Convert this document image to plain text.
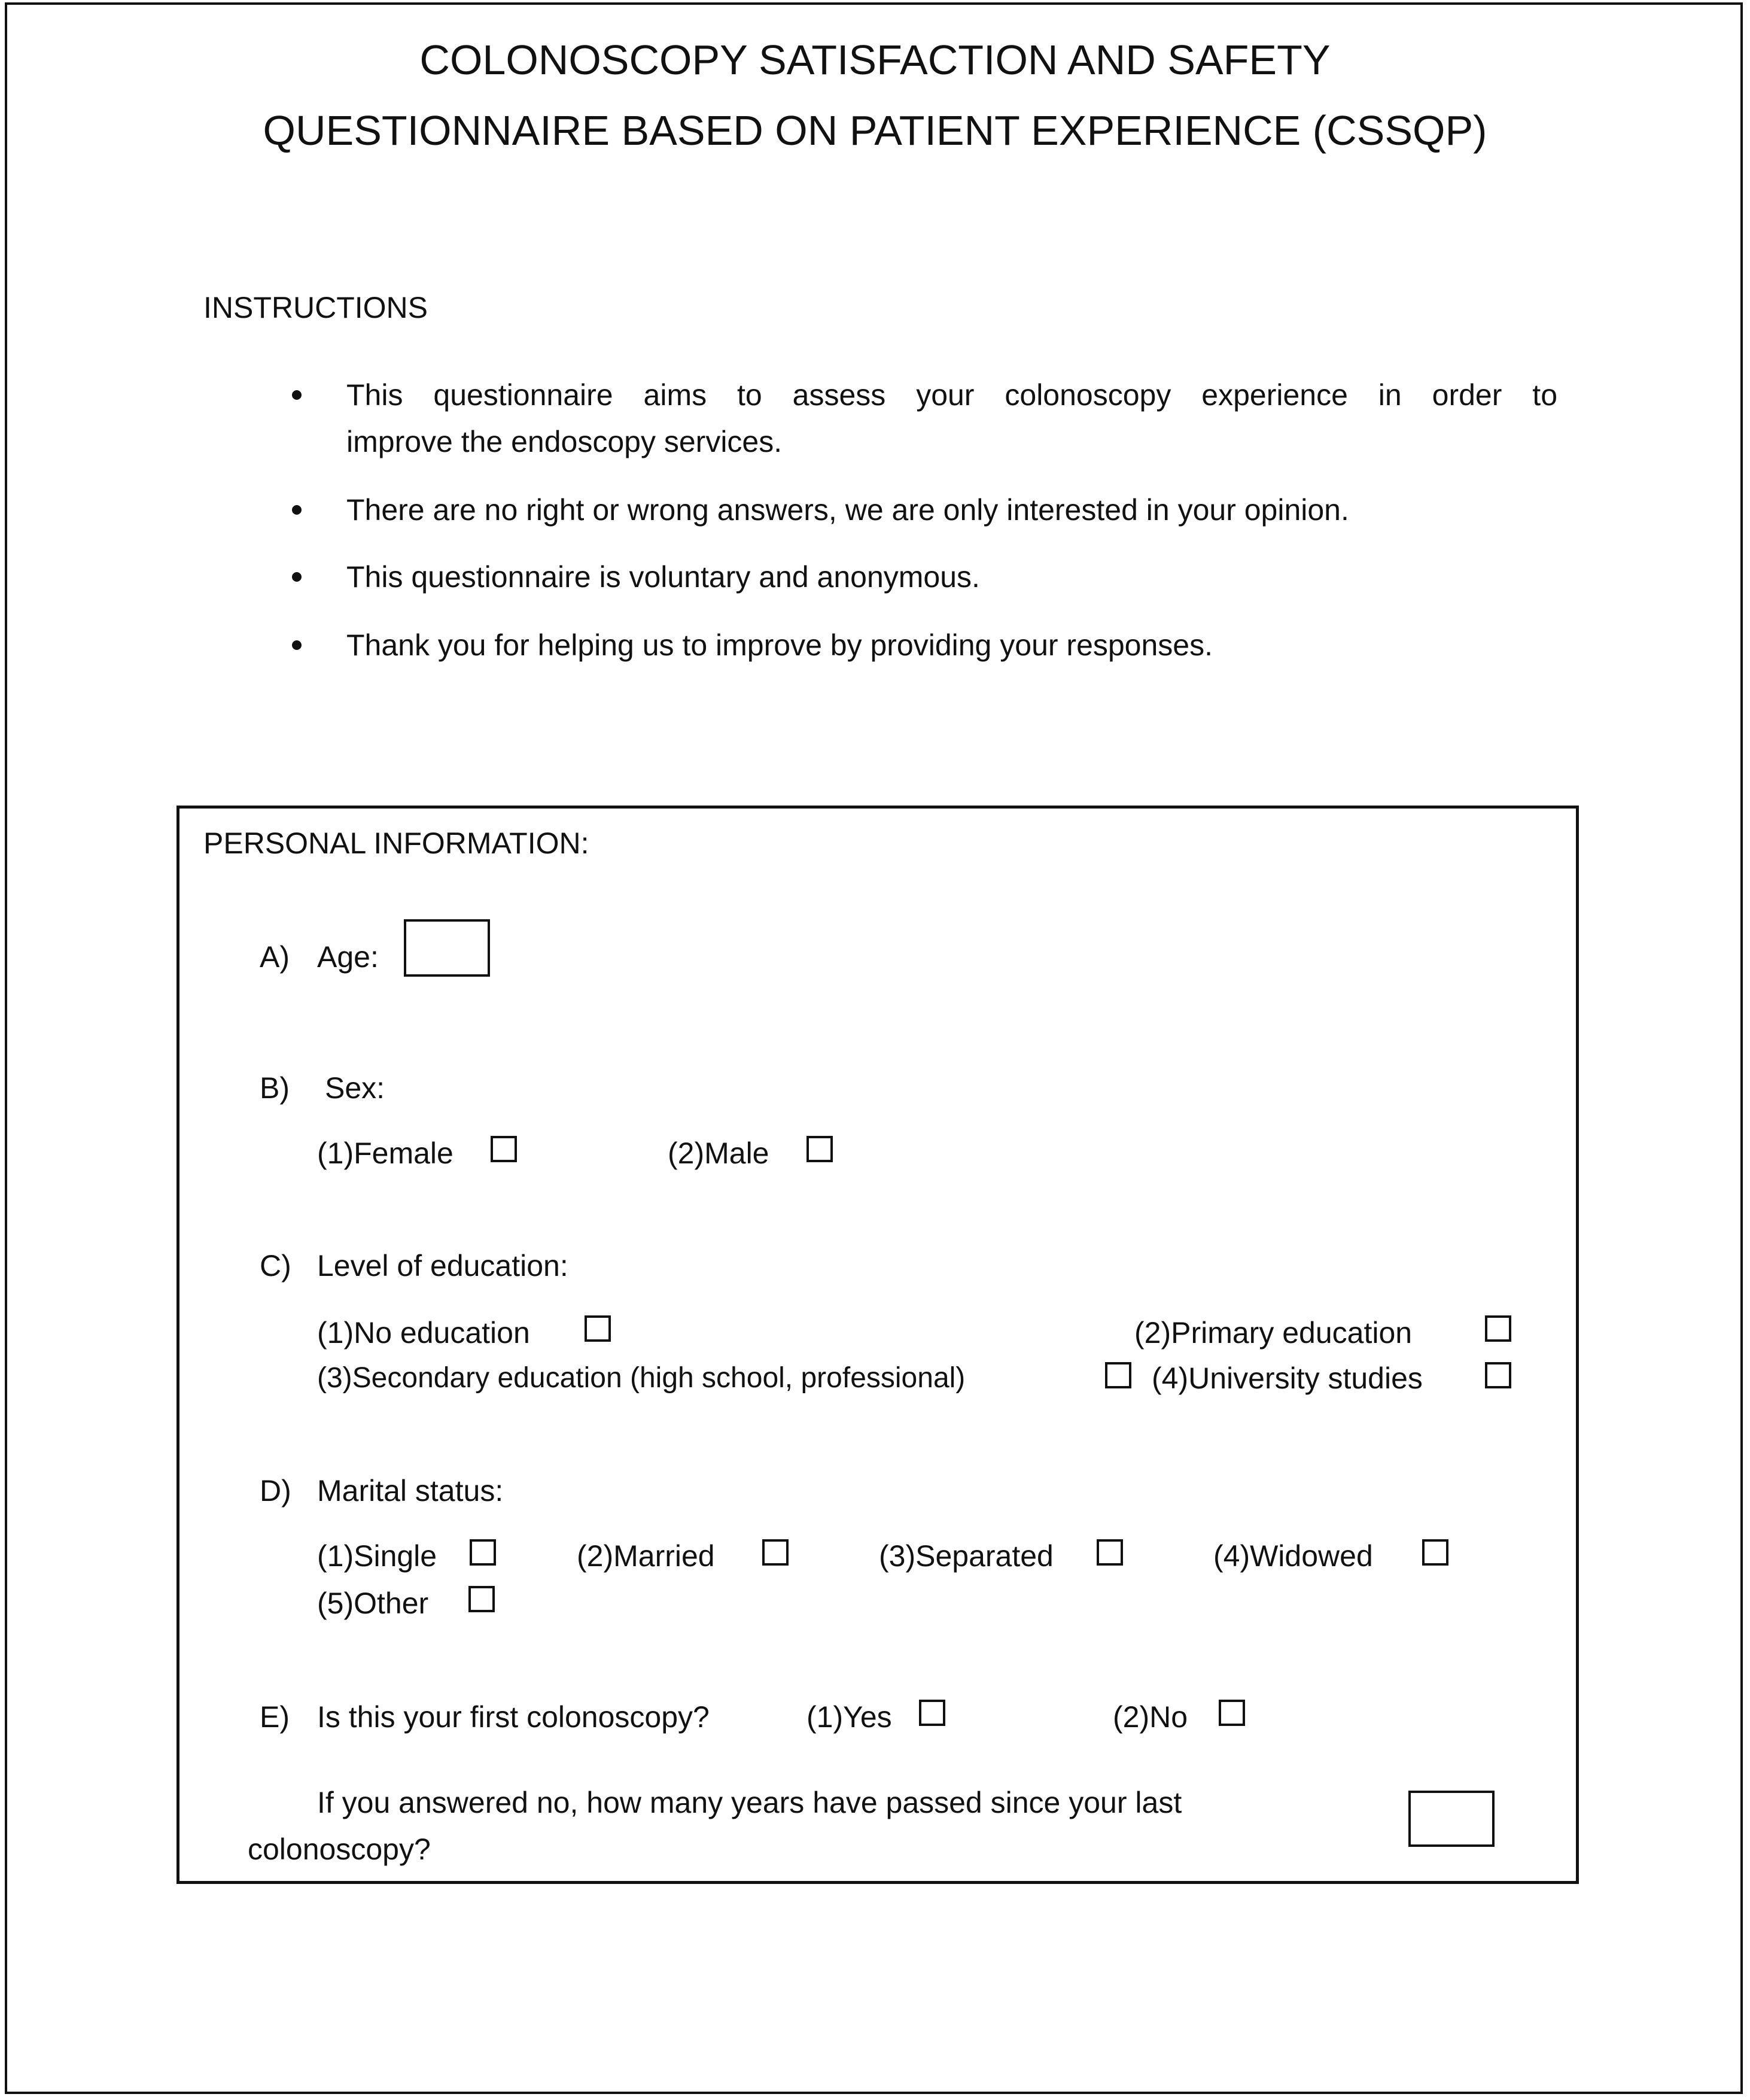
COLONOSCOPY SATISFACTION AND SAFETY
QUESTIONNAIRE BASED ON PATIENT EXPERIENCE (CSSQP)
INSTRUCTIONS
This questionnaire aims to assess your colonoscopy experience in order to
improve the endoscopy services.
There are no right or wrong answers, we are only interested in your opinion.
This questionnaire is voluntary and anonymous.
Thank you for helping us to improve by providing your responses.
PERSONAL INFORMATION:
A) Age:
B) Sex:
(1)Female	(2)Male
C) Level of education:
(1)No education	(2)Primary education
(3)Secondary education (high school, professional)	(4)University studies
D) Marital status:
(1)Single	(2)Married	(3)Separated	(4)Widowed
(5)Other
E) Is this your first colonoscopy?	(1)Yes	(2)No
If you answered no, how many years have passed since your last
colonoscopy?
